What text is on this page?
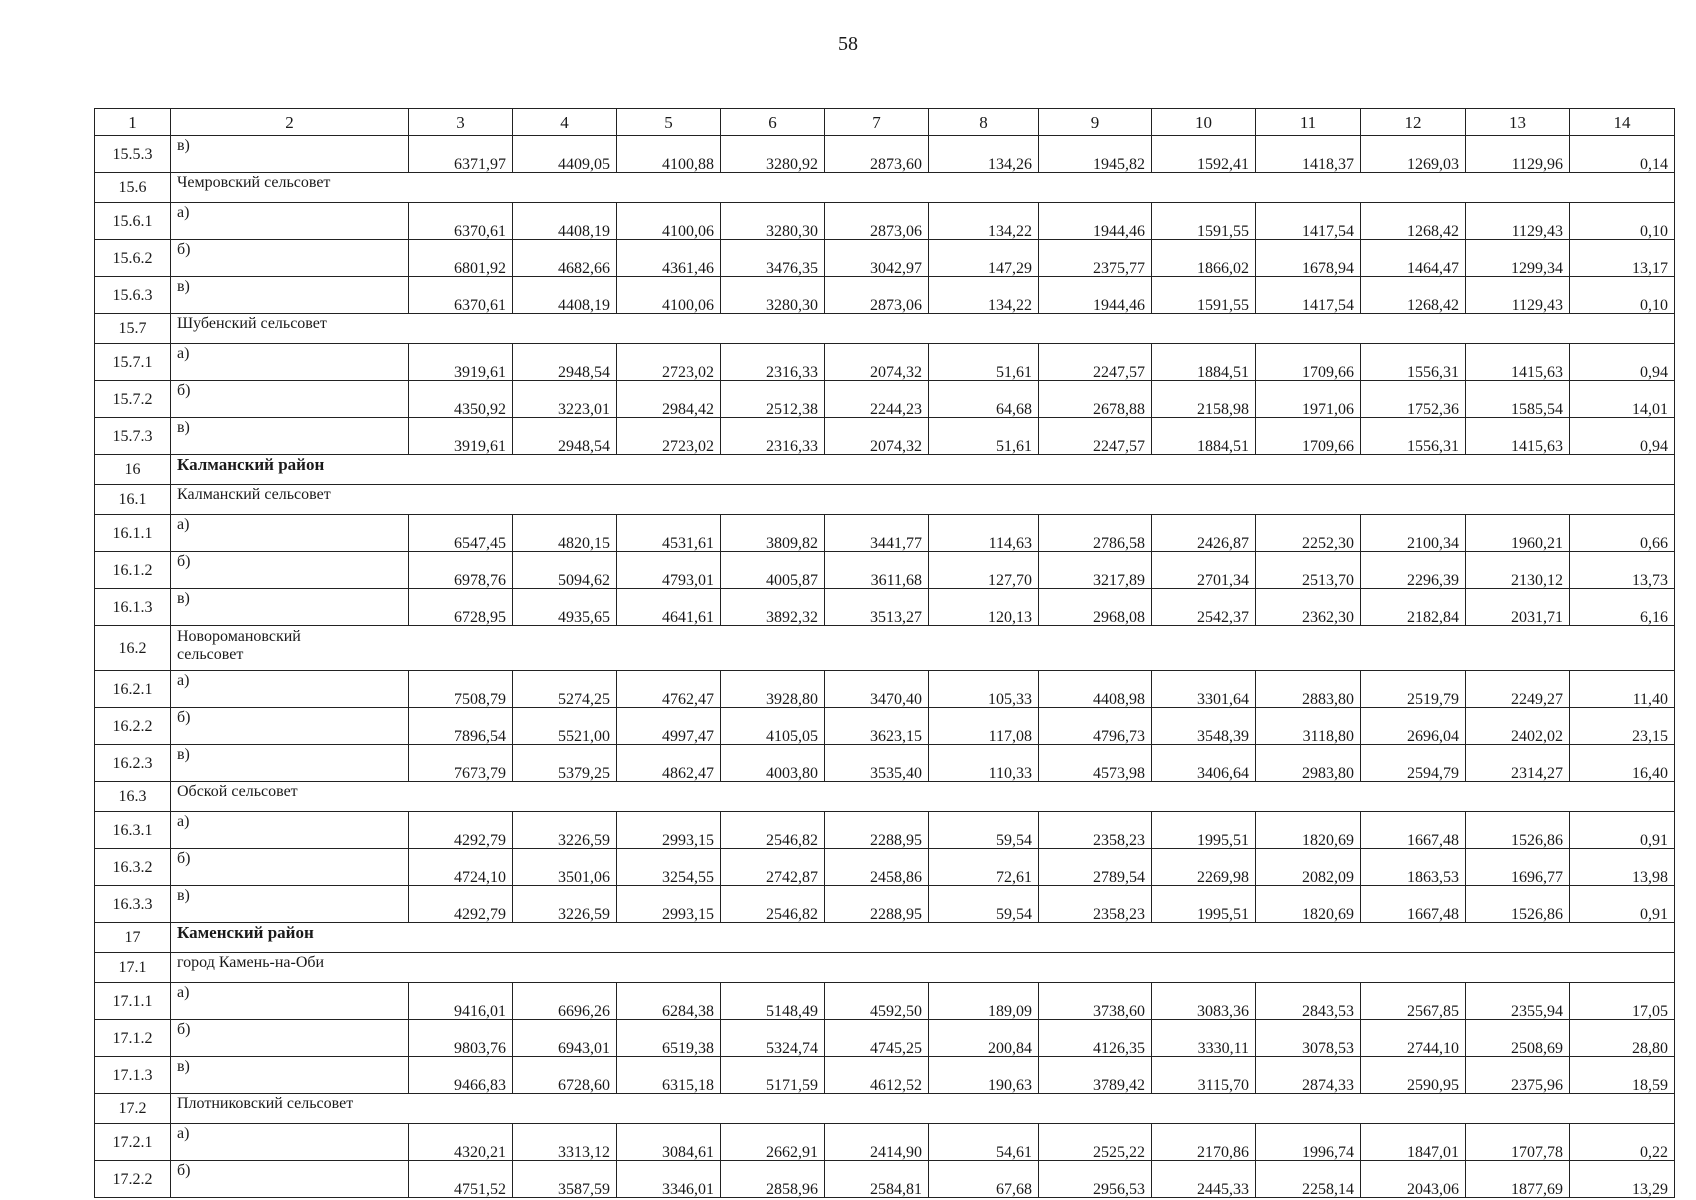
58
1	2	3	4	5	6	7	8	9	10	11	12	13	14
15.5.3	в)	6371,97	4409,05	4100,88	3280,92	2873,60	134,26	1945,82	1592,41	1418,37	1269,03	1129,96	0,14
15.6	Чемровский сельсовет												
15.6.1	а)	6370,61	4408,19	4100,06	3280,30	2873,06	134,22	1944,46	1591,55	1417,54	1268,42	1129,43	0,10
15.6.2	б)	6801,92	4682,66	4361,46	3476,35	3042,97	147,29	2375,77	1866,02	1678,94	1464,47	1299,34	13,17
15.6.3	в)	6370,61	4408,19	4100,06	3280,30	2873,06	134,22	1944,46	1591,55	1417,54	1268,42	1129,43	0,10
15.7	Шубенский сельсовет												
15.7.1	а)	3919,61	2948,54	2723,02	2316,33	2074,32	51,61	2247,57	1884,51	1709,66	1556,31	1415,63	0,94
15.7.2	б)	4350,92	3223,01	2984,42	2512,38	2244,23	64,68	2678,88	2158,98	1971,06	1752,36	1585,54	14,01
15.7.3	в)	3919,61	2948,54	2723,02	2316,33	2074,32	51,61	2247,57	1884,51	1709,66	1556,31	1415,63	0,94
16	Калманский район												
16.1	Калманский сельсовет												
16.1.1	а)	6547,45	4820,15	4531,61	3809,82	3441,77	114,63	2786,58	2426,87	2252,30	2100,34	1960,21	0,66
16.1.2	б)	6978,76	5094,62	4793,01	4005,87	3611,68	127,70	3217,89	2701,34	2513,70	2296,39	2130,12	13,73
16.1.3	в)	6728,95	4935,65	4641,61	3892,32	3513,27	120,13	2968,08	2542,37	2362,30	2182,84	2031,71	6,16
16.2	Новоромановский сельсовет												
16.2.1	а)	7508,79	5274,25	4762,47	3928,80	3470,40	105,33	4408,98	3301,64	2883,80	2519,79	2249,27	11,40
16.2.2	б)	7896,54	5521,00	4997,47	4105,05	3623,15	117,08	4796,73	3548,39	3118,80	2696,04	2402,02	23,15
16.2.3	в)	7673,79	5379,25	4862,47	4003,80	3535,40	110,33	4573,98	3406,64	2983,80	2594,79	2314,27	16,40
16.3	Обской сельсовет												
16.3.1	а)	4292,79	3226,59	2993,15	2546,82	2288,95	59,54	2358,23	1995,51	1820,69	1667,48	1526,86	0,91
16.3.2	б)	4724,10	3501,06	3254,55	2742,87	2458,86	72,61	2789,54	2269,98	2082,09	1863,53	1696,77	13,98
16.3.3	в)	4292,79	3226,59	2993,15	2546,82	2288,95	59,54	2358,23	1995,51	1820,69	1667,48	1526,86	0,91
17	Каменский район												
17.1	город Камень-на-Оби												
17.1.1	а)	9416,01	6696,26	6284,38	5148,49	4592,50	189,09	3738,60	3083,36	2843,53	2567,85	2355,94	17,05
17.1.2	б)	9803,76	6943,01	6519,38	5324,74	4745,25	200,84	4126,35	3330,11	3078,53	2744,10	2508,69	28,80
17.1.3	в)	9466,83	6728,60	6315,18	5171,59	4612,52	190,63	3789,42	3115,70	2874,33	2590,95	2375,96	18,59
17.2	Плотниковский сельсовет												
17.2.1	а)	4320,21	3313,12	3084,61	2662,91	2414,90	54,61	2525,22	2170,86	1996,74	1847,01	1707,78	0,22
17.2.2	б)	4751,52	3587,59	3346,01	2858,96	2584,81	67,68	2956,53	2445,33	2258,14	2043,06	1877,69	13,29
